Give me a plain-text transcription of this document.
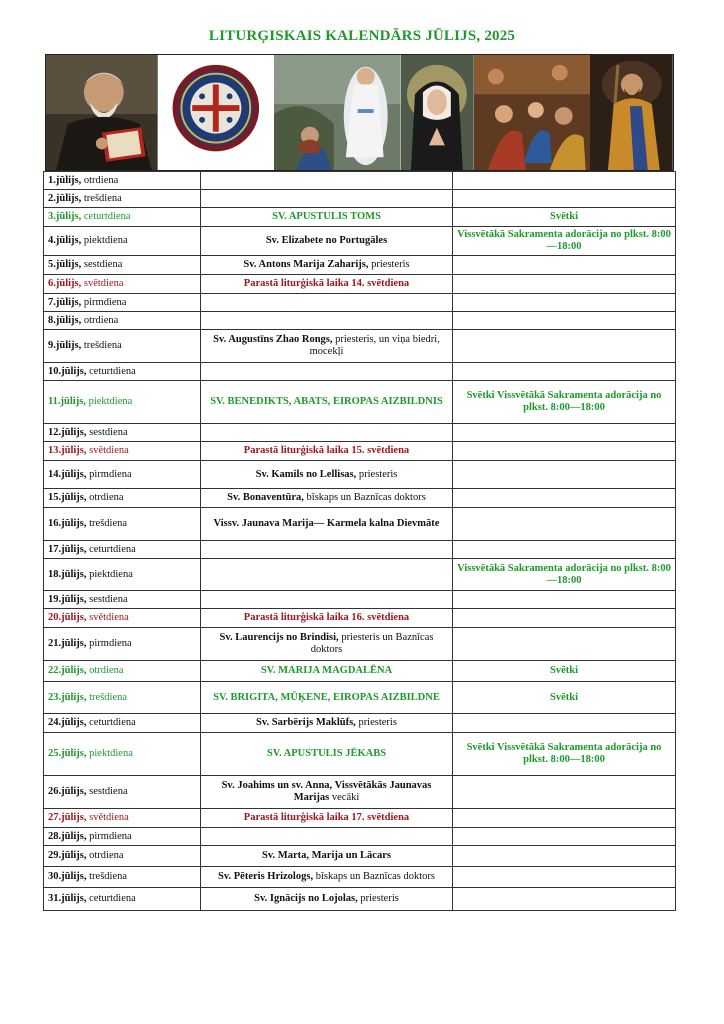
LITURĢISKAIS KALENDĀRS JŪLIJS, 2025
1.jūlijs, otrdiena		
2.jūlijs, trešdiena		
3.jūlijs, ceturtdiena	SV. APUSTULIS TOMS	Svētki
4.jūlijs, piektdiena	Sv. Elizabete no Portugāles	Vissvētākā Sakramenta adorācija no plkst. 8:00—18:00
5.jūlijs, sestdiena	Sv. Antons Marija Zaharijs, priesteris	
6.jūlijs, svētdiena	Parastā liturģiskā laika 14. svētdiena	
7.jūlijs, pirmdiena		
8.jūlijs, otrdiena		
9.jūlijs, trešdiena	Sv. Augustīns Zhao Rongs, priesteris, un viņa biedri, mocekļi	
10.jūlijs, ceturtdiena		
11.jūlijs, piektdiena	SV. BENEDIKTS, ABATS, EIROPAS AIZBILDNIS	Svētki Vissvētākā Sakramenta adorācija no plkst. 8:00—18:00
12.jūlijs, sestdiena		
13.jūlijs, svētdiena	Parastā liturģiskā laika 15. svētdiena	
14.jūlijs, pirmdiena	Sv. Kamils no Lellisas, priesteris	
15.jūlijs, otrdiena	Sv. Bonaventūra, bīskaps un Baznīcas doktors	
16.jūlijs, trešdiena	Vissv. Jaunava Marija— Karmela kalna Dievmāte	
17.jūlijs, ceturtdiena		
18.jūlijs, piektdiena		Vissvētākā Sakramenta adorācija no plkst. 8:00—18:00
19.jūlijs, sestdiena		
20.jūlijs, svētdiena	Parastā liturģiskā laika 16. svētdiena	
21.jūlijs, pirmdiena	Sv. Laurencijs no Brindisi, priesteris un Baznīcas doktors	
22.jūlijs, otrdiena	SV. MARIJA MAGDALĒNA	Svētki
23.jūlijs, trešdiena	SV. BRIGITA, MŪĶENE, EIROPAS AIZBILDNE	Svētki
24.jūlijs, ceturtdiena	Sv. Sarbērijs Maklūfs, priesteris	
25.jūlijs, piektdiena	SV. APUSTULIS JĒKABS	Svētki Vissvētākā Sakramenta adorācija no plkst. 8:00—18:00
26.jūlijs, sestdiena	Sv. Joahims un sv. Anna, Vissvētākās Jaunavas Marijas vecāki	
27.jūlijs, svētdiena	Parastā liturģiskā laika 17. svētdiena	
28.jūlijs, pirmdiena		
29.jūlijs, otrdiena	Sv. Marta, Marija un Lācars	
30.jūlijs, trešdiena	Sv. Pēteris Hrizologs, bīskaps un Baznīcas doktors	
31.jūlijs, ceturtdiena	Sv. Ignācijs no Lojolas, priesteris	
